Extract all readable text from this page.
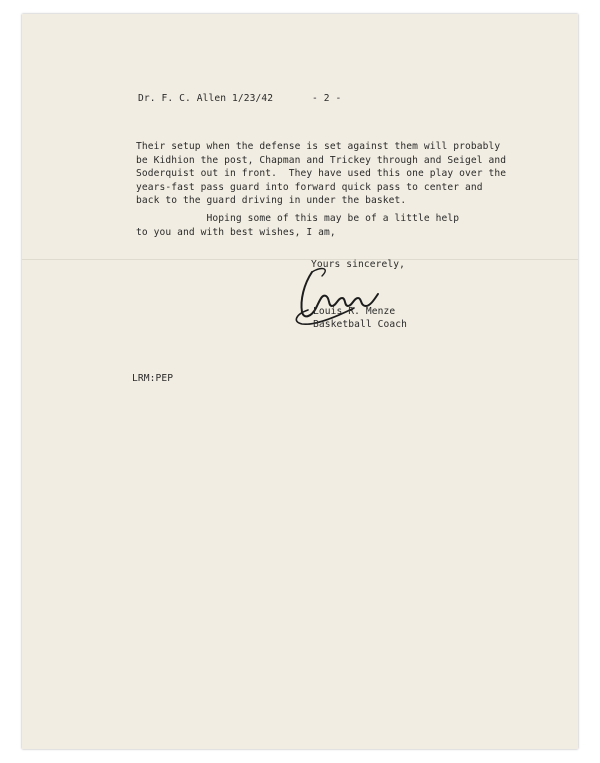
Dr. F. C. Allen 1/23/42	- 2 -
Their setup when the defense is set against them will probably
be Kidhion the post, Chapman and Trickey through and Seigel and
Soderquist out in front.  They have used this one play over the
years-fast pass guard into forward quick pass to center and
back to the guard driving in under the basket.
Hoping some of this may be of a little help
to you and with best wishes, I am,
Yours sincerely,
Louis R. Menze
Basketball Coach
LRM:PEP
